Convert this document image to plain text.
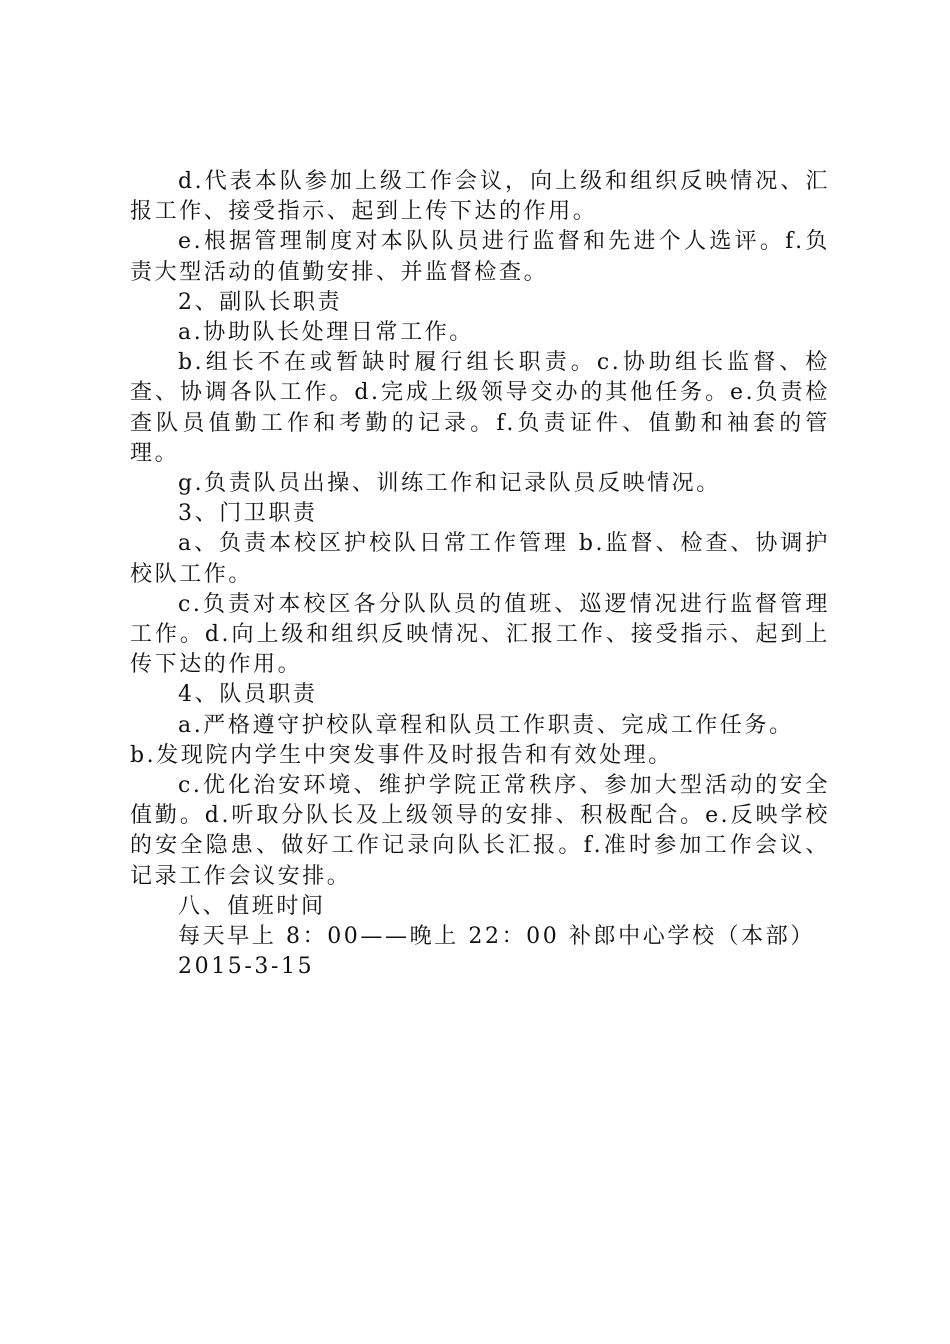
d.代表本队参加上级工作会议，向上级和组织反映情况、汇报工作、接受指示、起到上传下达的作用。

e.根据管理制度对本队队员进行监督和先进个人选评。f.负责大型活动的值勤安排、并监督检查。

2、副队长职责

a.协助队长处理日常工作。

b.组长不在或暂缺时履行组长职责。c.协助组长监督、检查、协调各队工作。d.完成上级领导交办的其他任务。e.负责检查队员值勤工作和考勤的记录。f.负责证件、值勤和袖套的管理。

g.负责队员出操、训练工作和记录队员反映情况。

3、门卫职责

a、负责本校区护校队日常工作管理 b.监督、检查、协调护校队工作。

c.负责对本校区各分队队员的值班、巡逻情况进行监督管理工作。d.向上级和组织反映情况、汇报工作、接受指示、起到上传下达的作用。

4、队员职责

a.严格遵守护校队章程和队员工作职责、完成工作任务。

b.发现院内学生中突发事件及时报告和有效处理。

c.优化治安环境、维护学院正常秩序、参加大型活动的安全值勤。d.听取分队长及上级领导的安排、积极配合。e.反映学校的安全隐患、做好工作记录向队长汇报。f.准时参加工作会议、记录工作会议安排。

八、值班时间

每天早上 8：00——晚上 22：00 补郎中心学校（本部）

2015-3-15
